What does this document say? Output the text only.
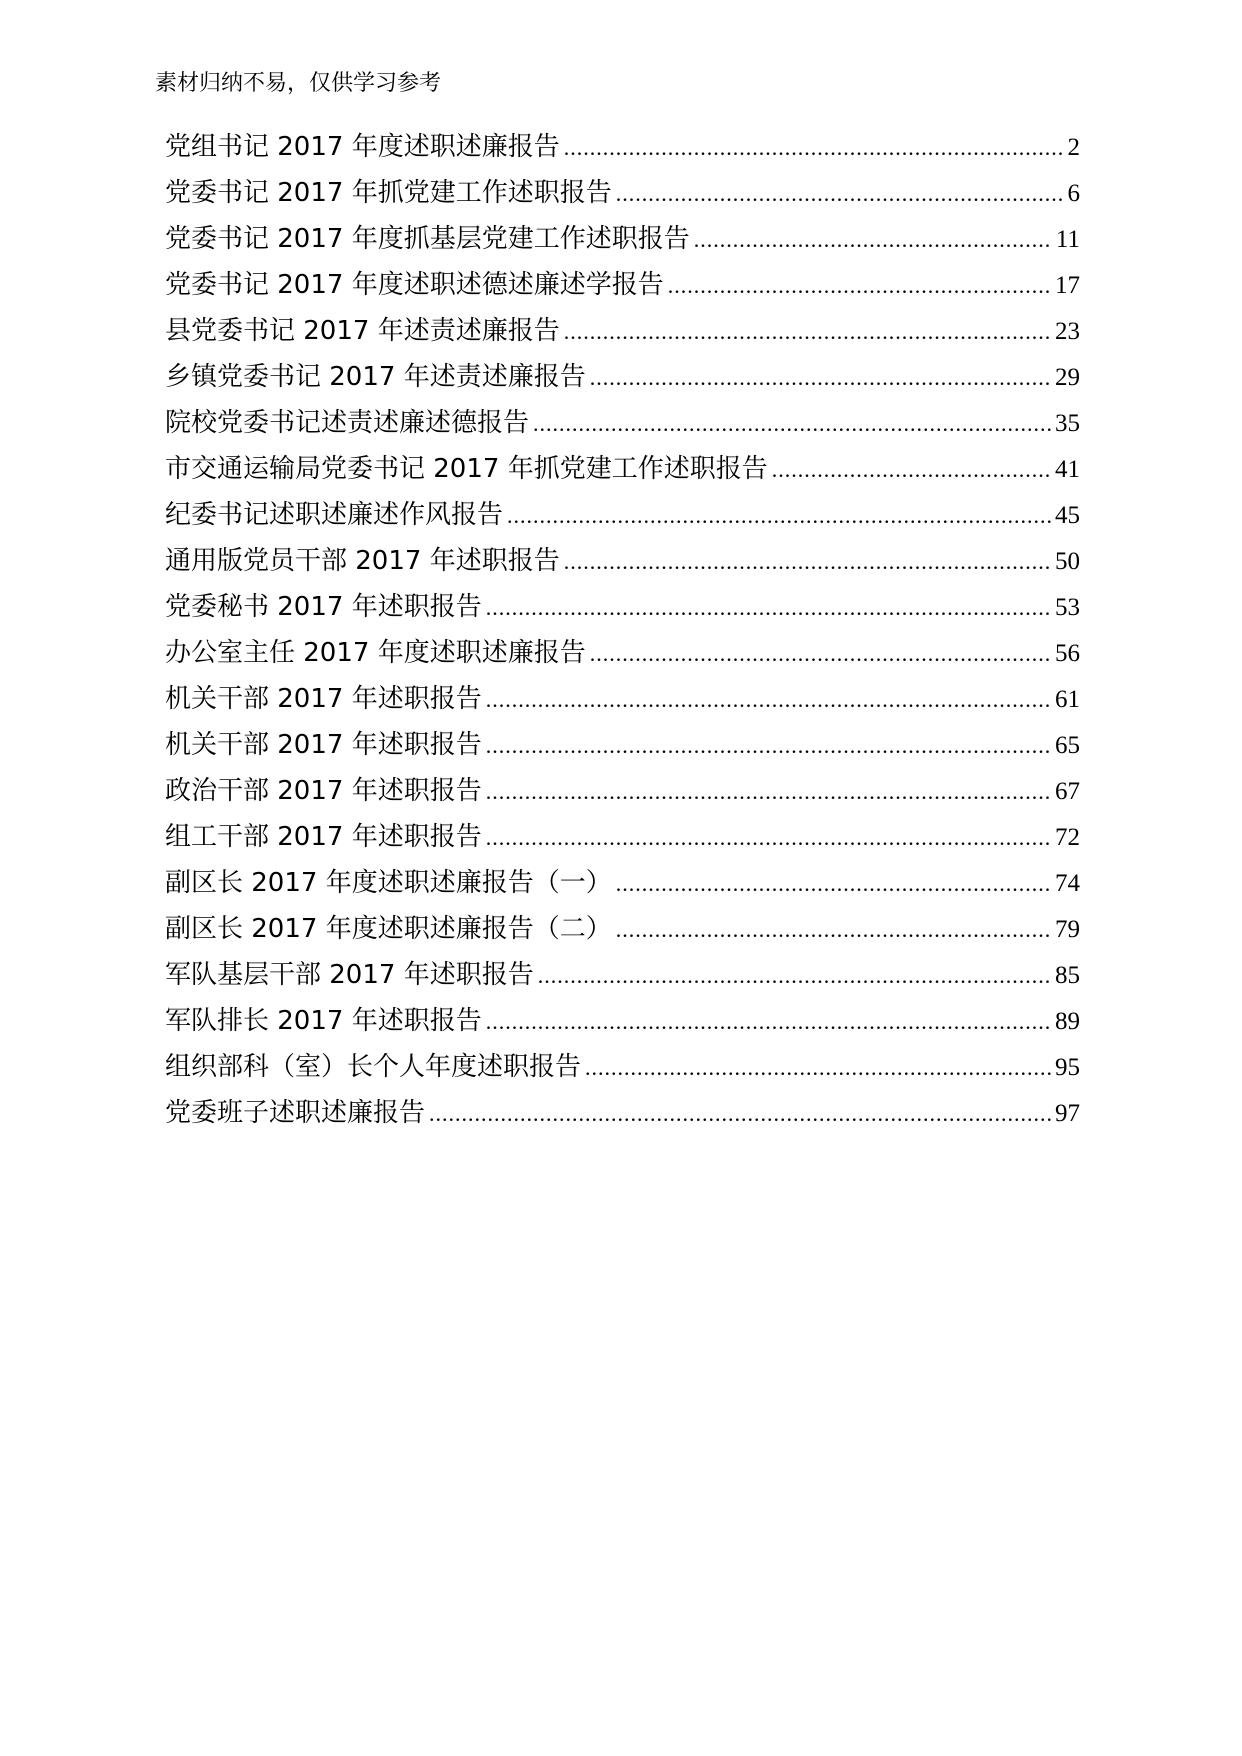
素材归纳不易，仅供学习参考
党组书记 2017 年度述职述廉报告 .....	2
党委书记 2017 年抓党建工作述职报告 .....	6
党委书记 2017 年度抓基层党建工作述职报告 .....	11
党委书记 2017 年度述职述德述廉述学报告 .....	17
县党委书记 2017 年述责述廉报告 .....	23
乡镇党委书记 2017 年述责述廉报告 .....	29
院校党委书记述责述廉述德报告 .....	35
市交通运输局党委书记 2017 年抓党建工作述职报告 .....	41
纪委书记述职述廉述作风报告 .....	45
通用版党员干部 2017 年述职报告 .....	50
党委秘书 2017 年述职报告 .....	53
办公室主任 2017 年度述职述廉报告 .....	56
机关干部 2017 年述职报告 .....	61
机关干部 2017 年述职报告 .....	65
政治干部 2017 年述职报告 .....	67
组工干部 2017 年述职报告 .....	72
副区长 2017 年度述职述廉报告（一） .....	74
副区长 2017 年度述职述廉报告（二） .....	79
军队基层干部 2017 年述职报告 .....	85
军队排长 2017 年述职报告 .....	89
组织部科（室）长个人年度述职报告 .....	95
党委班子述职述廉报告 .....	97
